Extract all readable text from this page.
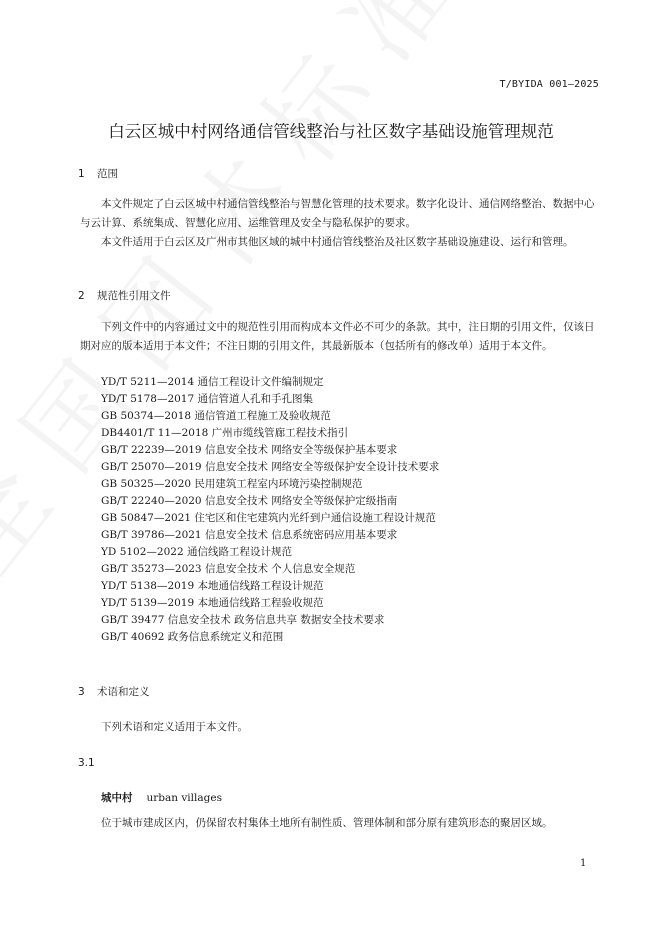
T/BYIDA 001—2025
白云区城中村网络通信管线整治与社区数字基础设施管理规范
1 范围

本文件规定了白云区城中村通信管线整治与智慧化管理的技术要求。数字化设计、通信网络整治、数据中心与云计算、系统集成、智慧化应用、运维管理及安全与隐私保护的要求。

本文件适用于白云区及广州市其他区域的城中村通信管线整治及社区数字基础设施建设、运行和管理。

2 规范性引用文件

下列文件中的内容通过文中的规范性引用而构成本文件必不可少的条款。其中，注日期的引用文件，仅该日期对应的版本适用于本文件；不注日期的引用文件，其最新版本（包括所有的修改单）适用于本文件。

YD/T 5211—2014 通信工程设计文件编制规定
YD/T 5178—2017 通信管道人孔和手孔图集
GB 50374—2018 通信管道工程施工及验收规范
DB4401/T 11—2018 广州市缆线管廊工程技术指引
GB/T 22239—2019 信息安全技术 网络安全等级保护基本要求
GB/T 25070—2019 信息安全技术 网络安全等级保护安全设计技术要求
GB 50325—2020 民用建筑工程室内环境污染控制规范
GB/T 22240—2020 信息安全技术 网络安全等级保护定级指南
GB 50847—2021 住宅区和住宅建筑内光纤到户通信设施工程设计规范
GB/T 39786—2021 信息安全技术 信息系统密码应用基本要求
YD 5102—2022 通信线路工程设计规范
GB/T 35273—2023 信息安全技术 个人信息安全规范
YD/T 5138—2019 本地通信线路工程设计规范
YD/T 5139—2019 本地通信线路工程验收规范
GB/T 39477 信息安全技术 政务信息共享 数据安全技术要求
GB/T 40692 政务信息系统定义和范围
3 术语和定义
下列术语和定义适用于本文件。
3.1
城中村 urban villages
位于城市建成区内，仍保留农村集体土地所有制性质、管理体制和部分原有建筑形态的聚居区域。
1
